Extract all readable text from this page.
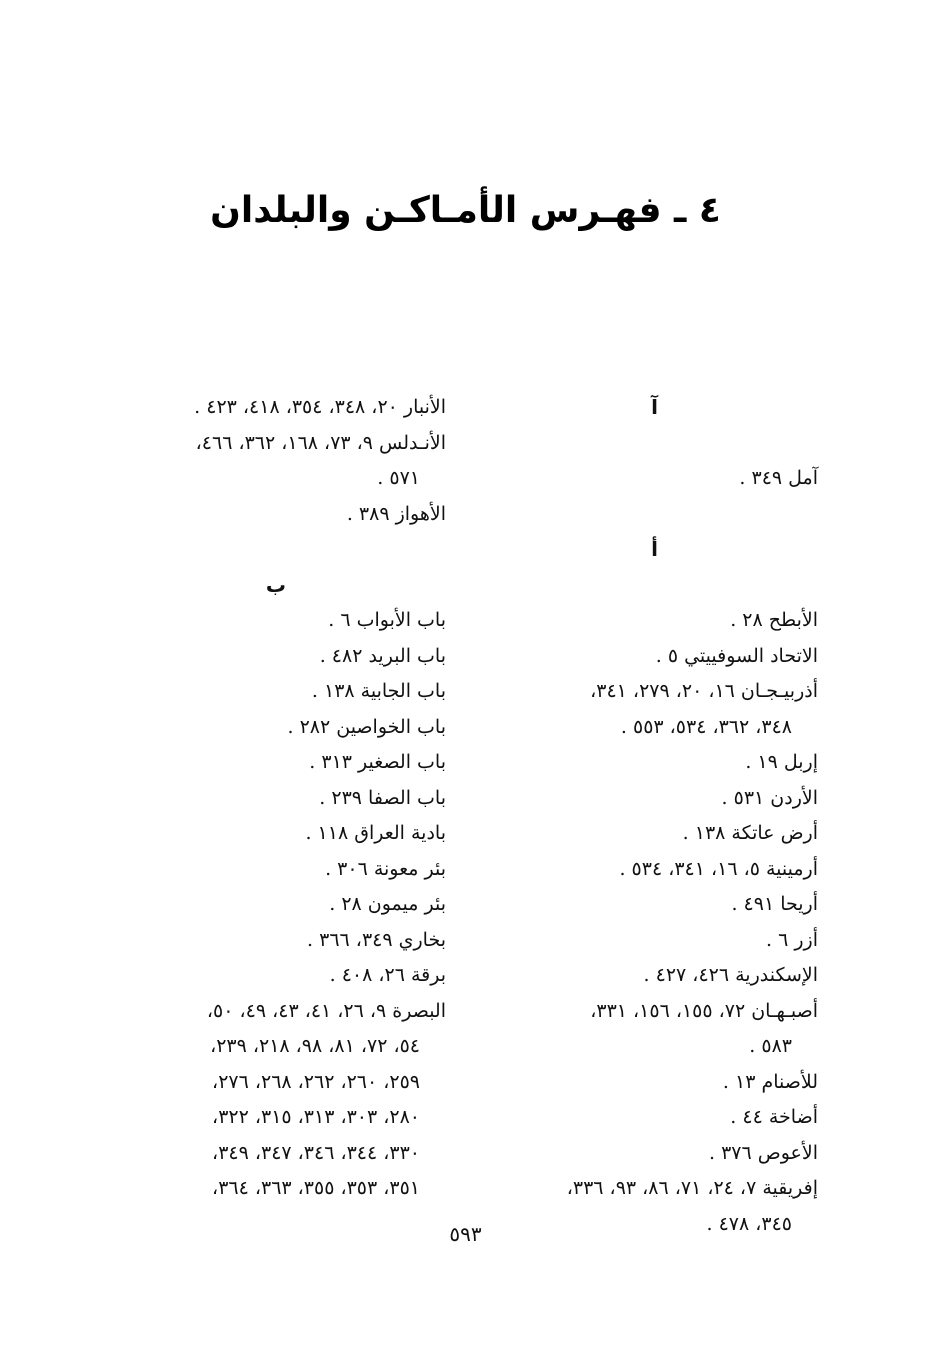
٤ ـ فهـرس الأمـاكـن والبلدان
آ
آمل ٣٤٩ .
أ
الأبطح ٢٨ .
الاتحاد السوفييتي ٥ .
أذربيـجـان ١٦، ٢٠، ٢٧٩، ٣٤١،
٣٤٨، ٣٦٢، ٥٣٤، ٥٥٣ .
إربل ١٩ .
الأردن ٥٣١ .
أرض عاتكة ١٣٨ .
أرمينية ٥، ١٦، ٣٤١، ٥٣٤ .
أريحا ٤٩١ .
أزر ٦ .
الإسكندرية ٤٢٦، ٤٢٧ .
أصبـهـان ٧٢، ١٥٥، ١٥٦، ٣٣١،
٥٨٣ .
للأصنام ١٣ .
أضاخة ٤٤ .
الأعوص ٣٧٦ .
إفريقية ٧، ٢٤، ٧١، ٨٦، ٩٣، ٣٣٦،
٣٤٥، ٤٧٨ .
الأنبار ٢٠، ٣٤٨، ٣٥٤، ٤١٨، ٤٢٣ .
الأنـدلس ٩، ٧٣، ١٦٨، ٣٦٢، ٤٦٦،
٥٧١ .
الأهواز ٣٨٩ .
ب
باب الأبواب ٦ .
باب البريد ٤٨٢ .
باب الجابية ١٣٨ .
باب الخواصين ٢٨٢ .
باب الصغير ٣١٣ .
باب الصفا ٢٣٩ .
بادية العراق ١١٨ .
بئر معونة ٣٠٦ .
بئر ميمون ٢٨ .
بخاري ٣٤٩، ٣٦٦ .
برقة ٢٦، ٤٠٨ .
البصرة ٩، ٢٦، ٤١، ٤٣، ٤٩، ٥٠،
٥٤، ٧٢، ٨١، ٩٨، ٢١٨، ٢٣٩،
٢٥٩، ٢٦٠، ٢٦٢، ٢٦٨، ٢٧٦،
٢٨٠، ٣٠٣، ٣١٣، ٣١٥، ٣٢٢،
٣٣٠، ٣٤٤، ٣٤٦، ٣٤٧، ٣٤٩،
٣٥١، ٣٥٣، ٣٥٥، ٣٦٣، ٣٦٤،
٥٩٣
